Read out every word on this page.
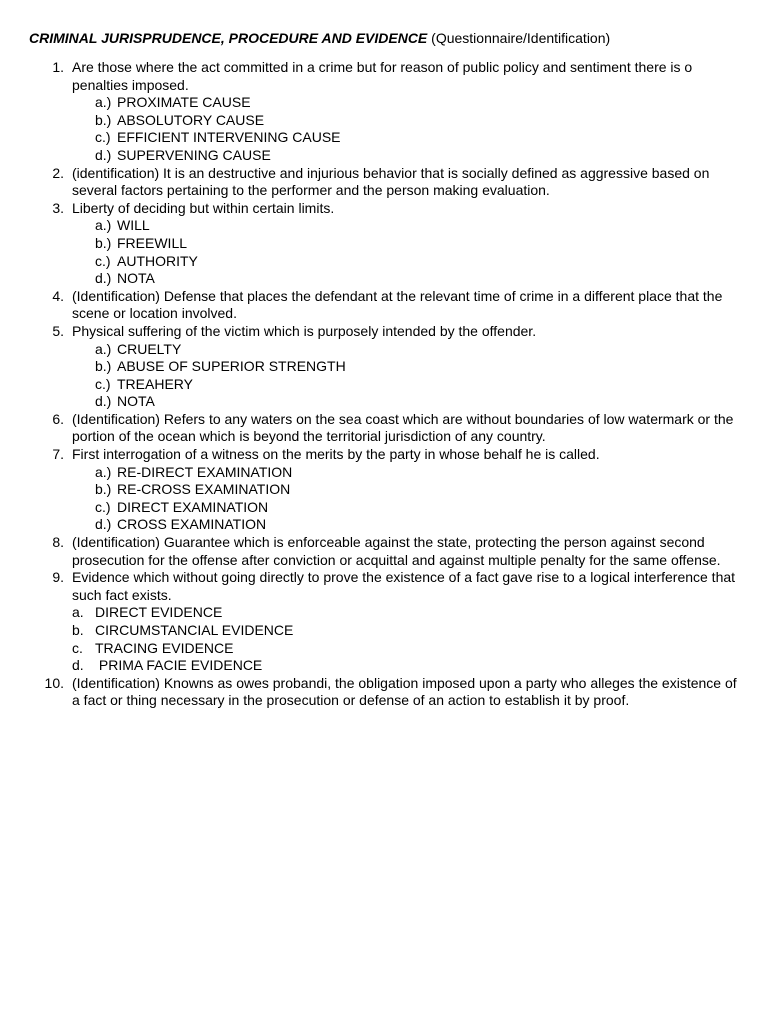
CRIMINAL JURISPRUDENCE, PROCEDURE AND EVIDENCE (Questionnaire/Identification)
1. Are those where the act committed in a crime but for reason of public policy and sentiment there is o penalties imposed.
a.) PROXIMATE CAUSE
b.) ABSOLUTORY CAUSE
c.) EFFICIENT INTERVENING CAUSE
d.) SUPERVENING CAUSE
2. (identification) It is an destructive and injurious behavior that is socially defined as aggressive based on several factors pertaining to the performer and the person making evaluation.
3. Liberty of deciding but within certain limits.
a.) WILL
b.) FREEWILL
c.) AUTHORITY
d.) NOTA
4. (Identification) Defense that places the defendant at the relevant time of crime in a different place that the scene or location involved.
5. Physical suffering of the victim which is purposely intended by the offender.
a.) CRUELTY
b.) ABUSE OF SUPERIOR STRENGTH
c.) TREAHERY
d.) NOTA
6. (Identification) Refers to any waters on the sea coast which are without boundaries of low watermark or the portion of the ocean which is beyond the territorial jurisdiction of any country.
7. First interrogation of a witness on the merits by the party in whose behalf he is called.
a.) RE-DIRECT EXAMINATION
b.) RE-CROSS EXAMINATION
c.) DIRECT EXAMINATION
d.) CROSS EXAMINATION
8. (Identification) Guarantee which is enforceable against the state, protecting the person against second prosecution for the offense after conviction or acquittal and against multiple penalty for the same offense.
9. Evidence which without going directly to prove the existence of a fact gave rise to a logical interference that such fact exists.
a. DIRECT EVIDENCE
b. CIRCUMSTANCIAL EVIDENCE
c. TRACING EVIDENCE
d. PRIMA FACIE EVIDENCE
10. (Identification) Knowns as owes probandi, the obligation imposed upon a party who alleges the existence of a fact or thing necessary in the prosecution or defense of an action to establish it by proof.
